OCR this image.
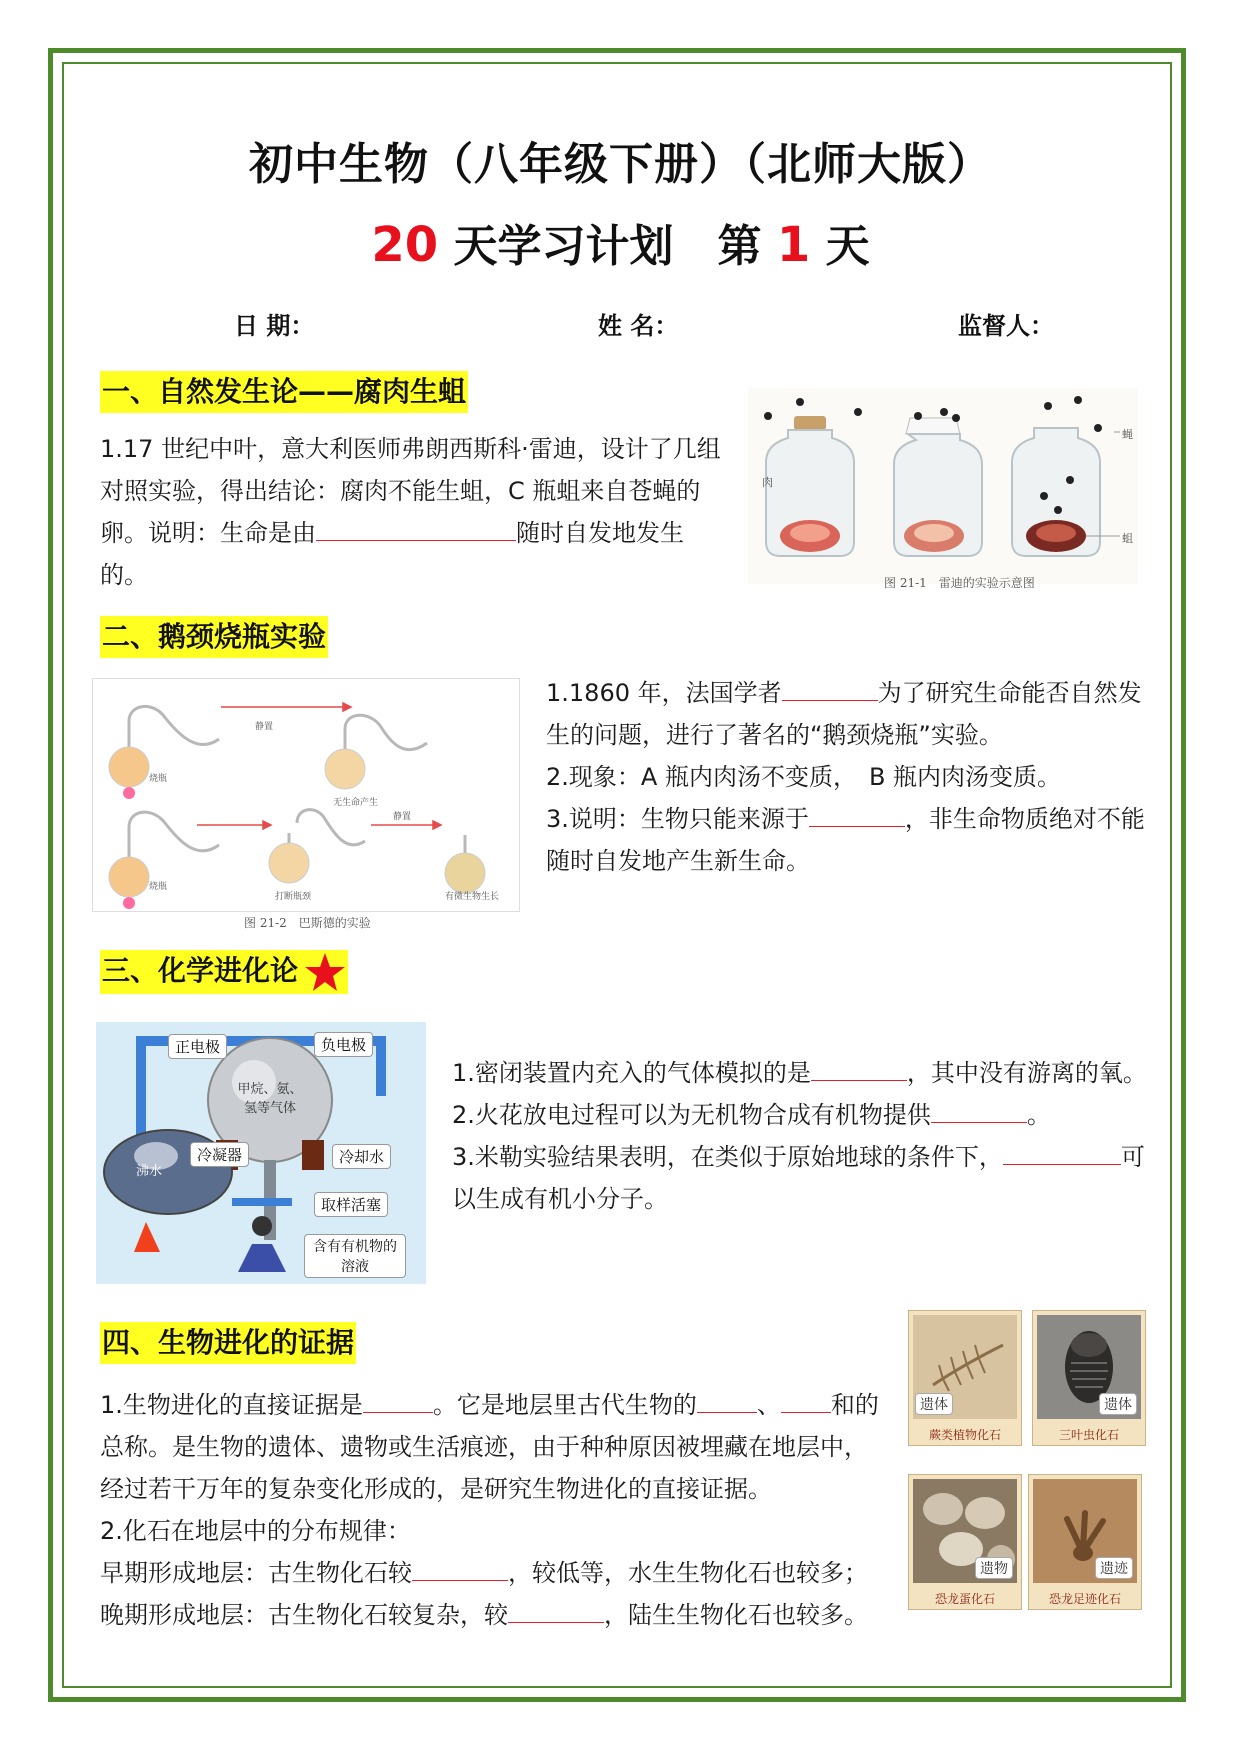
初中生物（八年级下册）（北师大版）
20 天学习计划　第 1 天
日 期：	姓 名：	监督人：
一、自然发生论——腐肉生蛆

1.17 世纪中叶，意大利医师弗朗西斯科·雷迪，设计了几组对照实验，得出结论：腐肉不能生蛆，C 瓶蛆来自苍蝇的卵。说明：生命是由	随时自发地发生的。

肉
蝇
蛆
图 21-1　雷迪的实验示意图
二、鹅颈烧瓶实验
静置
静置
烧瓶
烧瓶
无生命产生
打断瓶颈	有微生物生长
图 21-2　巴斯德的实验

1.1860 年，法国学者	为了研究生命能否自然发生的问题，进行了著名的“鹅颈烧瓶”实验。

2.现象：A 瓶内肉汤不变质，　B 瓶内肉汤变质。

3.说明：生物只能来源于	，非生命物质绝对不能随时自发地产生新生命。

三、化学进化论
正电极	负电极
甲烷、氨、氢等气体
冷凝器	冷却水
沸水
取样活塞
含有有机物的溶液

1.密闭装置内充入的气体模拟的是	，其中没有游离的氧。

2.火花放电过程可以为无机物合成有机物提供	。

3.米勒实验结果表明，在类似于原始地球的条件下，	可以生成有机小分子。

四、生物进化的证据

1.生物进化的直接证据是	。它是地层里古代生物的	、 和的总称。是生物的遗体、遗物或生活痕迹，由于种种原因被埋藏在地层中，经过若干万年的复杂变化形成的，是研究生物进化的直接证据。

2.化石在地层中的分布规律：

早期形成地层：古生物化石较	，较低等，水生生物化石也较多；

晚期形成地层：古生物化石较复杂，较	，陆生生物化石也较多。

遗体
蕨类植物化石
遗体
三叶虫化石
遗物
恐龙蛋化石
遗迹
恐龙足迹化石
